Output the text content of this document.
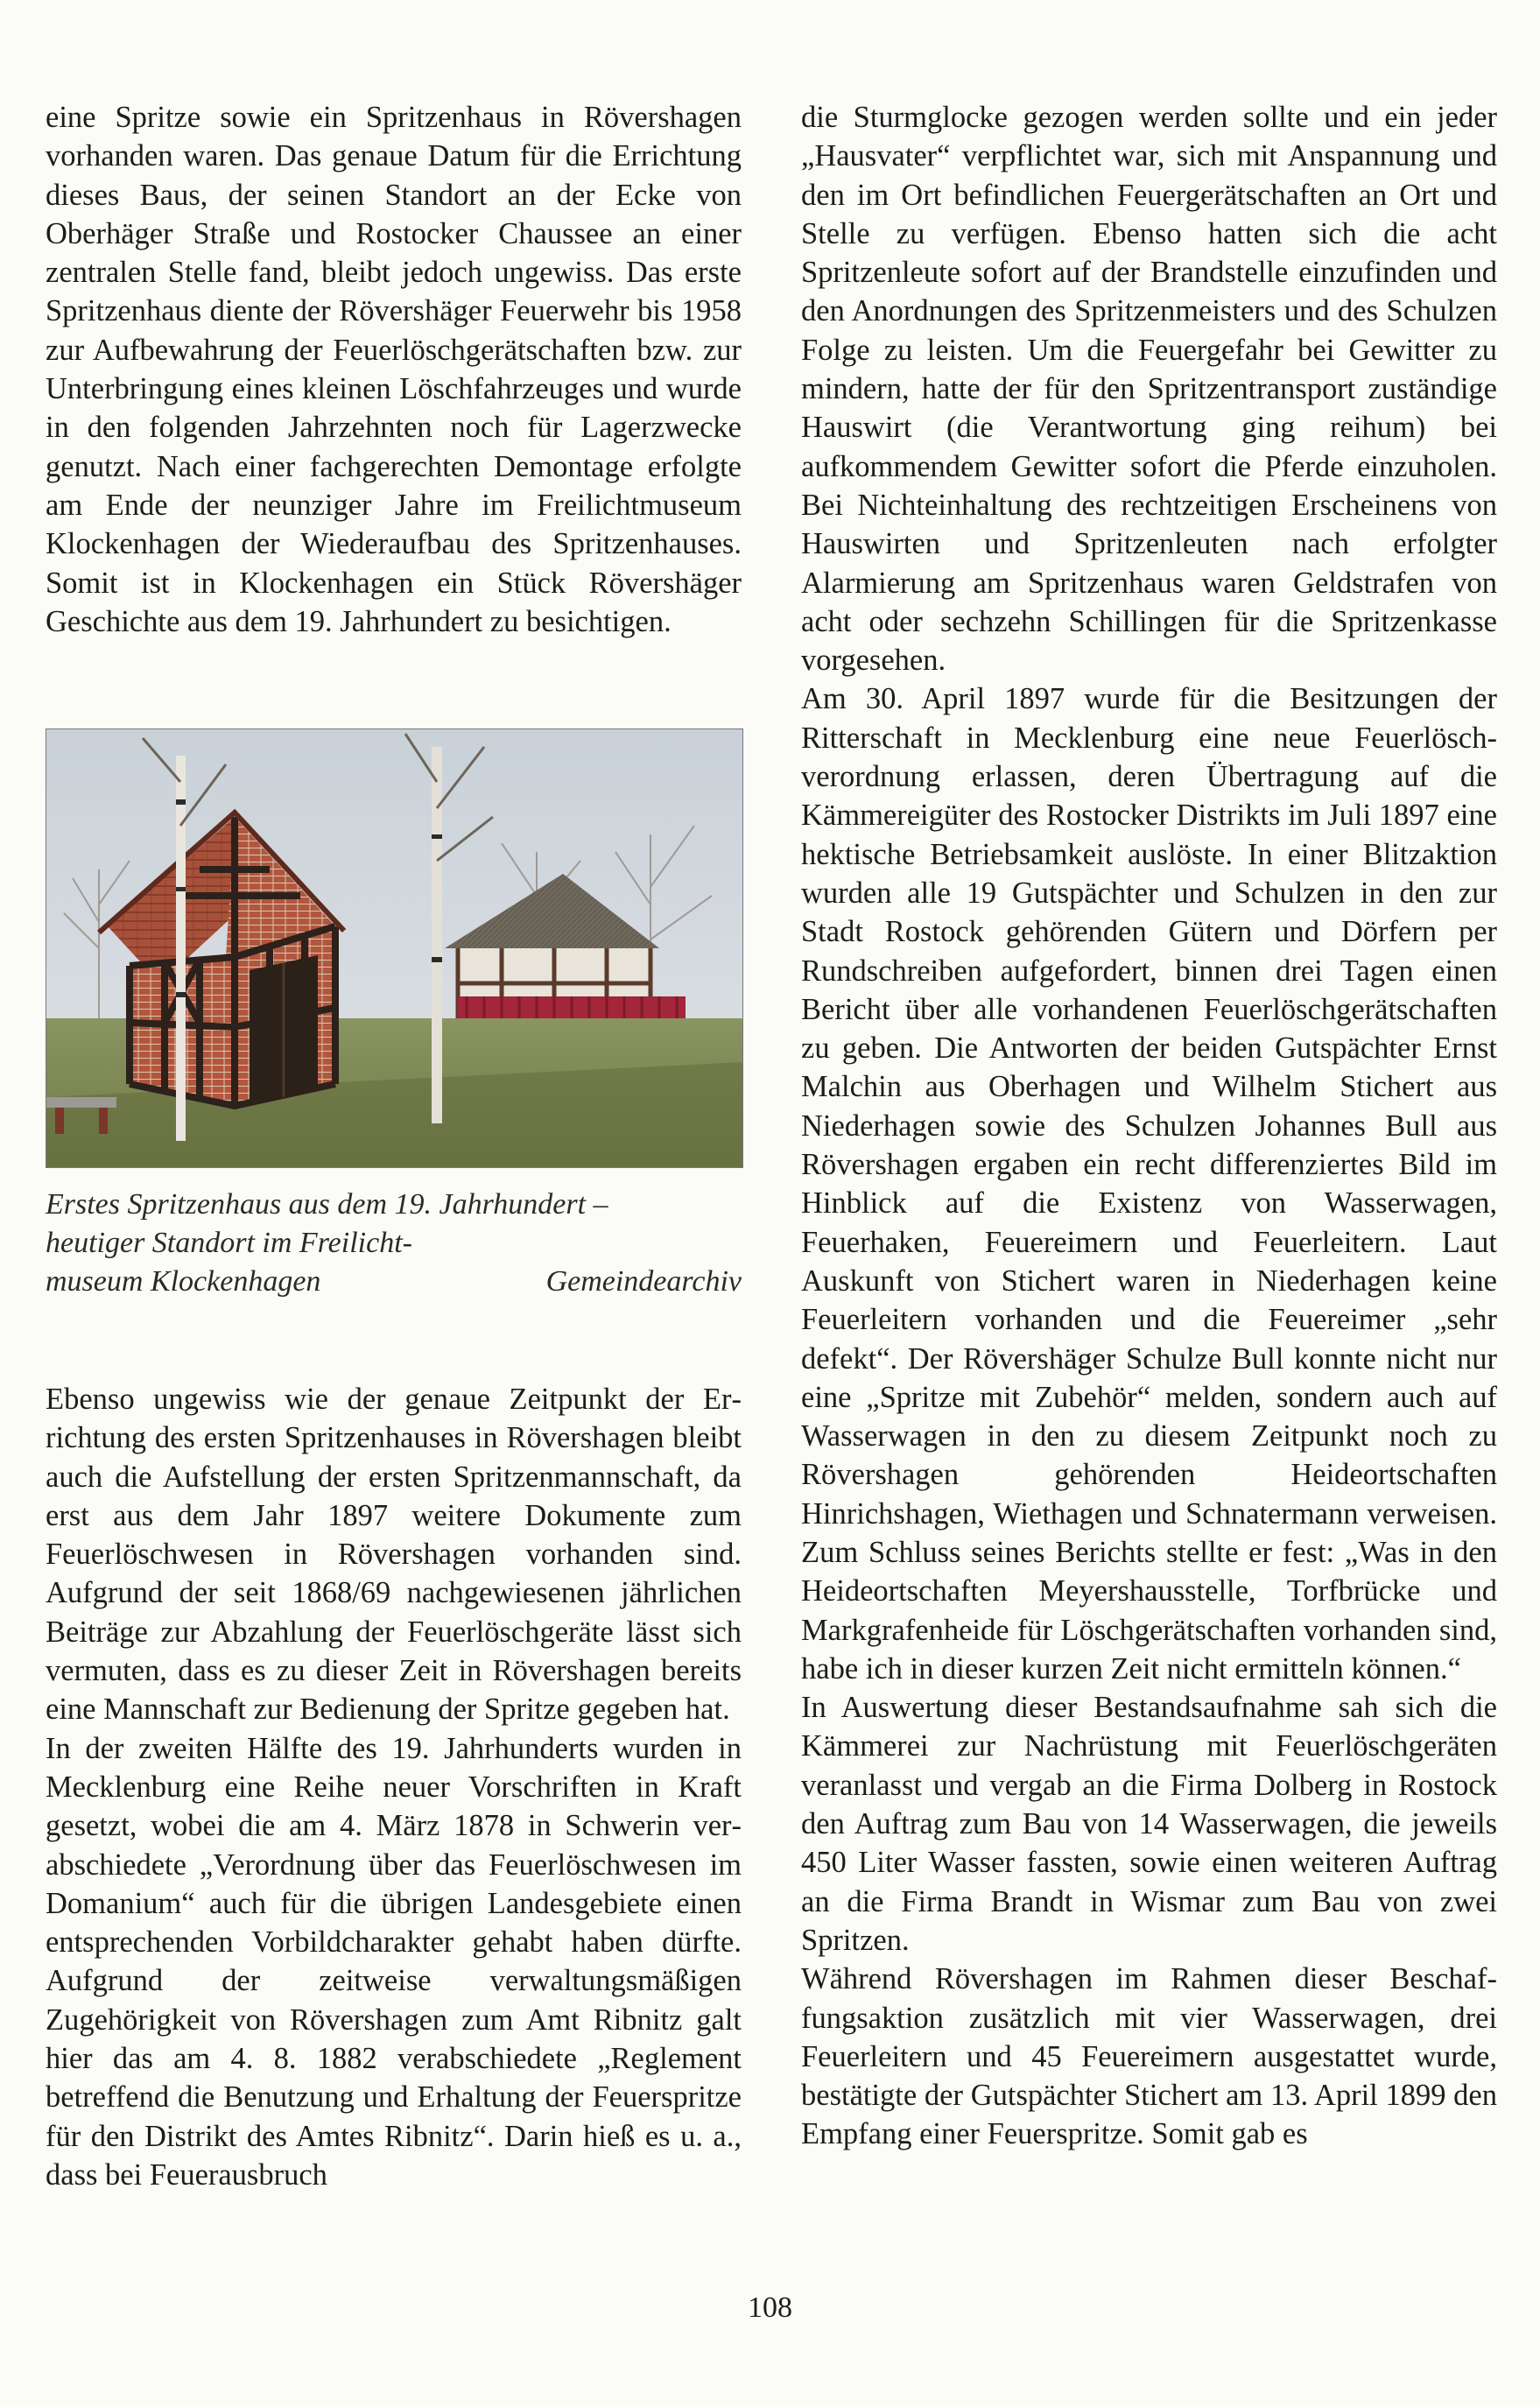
eine Spritze sowie ein Spritzenhaus in Rövershagen vorhanden waren. Das genaue Datum für die Errichtung dieses Baus, der seinen Standort an der Ecke von Oberhäger Straße und Rostocker Chaussee an einer zentralen Stelle fand, bleibt jedoch ungewiss. Das erste Spritzenhaus diente der Rövershäger Feuerwehr bis 1958 zur Aufbewahrung der Feuerlöschgerätschaften bzw. zur Unterbringung eines kleinen Löschfahrzeuges und wurde in den folgenden Jahrzehnten noch für Lagerzwecke genutzt. Nach einer fachgerechten Demontage erfolgte am Ende der neunziger Jahre im Freilichtmuseum Klockenhagen der Wiederaufbau des Spritzenhauses. Somit ist in Klockenhagen ein Stück Rövershäger Geschichte aus dem 19. Jahrhundert zu besichtigen.

Erstes Spritzenhaus aus dem 19. Jahrhundert –
heutiger Standort im Freilicht-
museum Klockenhagen	Gemeindearchiv

Ebenso ungewiss wie der genaue Zeitpunkt der Errichtung des ersten Spritzenhauses in Rövershagen bleibt auch die Aufstellung der ersten Spritzenmannschaft, da erst aus dem Jahr 1897 weitere Dokumente zum Feuerlöschwesen in Rövershagen vorhanden sind. Aufgrund der seit 1868/69 nachgewiesenen jährlichen Beiträge zur Abzahlung der Feuerlöschgeräte lässt sich vermuten, dass es zu dieser Zeit in Rövershagen bereits eine Mannschaft zur Bedienung der Spritze gegeben hat.

In der zweiten Hälfte des 19. Jahrhunderts wurden in Mecklenburg eine Reihe neuer Vorschriften in Kraft gesetzt, wobei die am 4. März 1878 in Schwerin verabschiedete „Verordnung über das Feuerlöschwesen im Domanium“ auch für die übrigen Landesgebiete einen entsprechenden Vorbildcharakter gehabt haben dürfte. Aufgrund der zeitweise verwaltungsmäßigen Zugehörigkeit von Rövershagen zum Amt Ribnitz galt hier das am 4. 8. 1882 verabschiedete „Reglement betreffend die Benutzung und Erhaltung der Feuerspritze für den Distrikt des Amtes Ribnitz“. Darin hieß es u. a., dass bei Feuerausbruch

die Sturmglocke gezogen werden sollte und ein jeder „Hausvater“ verpflichtet war, sich mit Anspannung und den im Ort befindlichen Feuergerätschaften an Ort und Stelle zu verfügen. Ebenso hatten sich die acht Spritzenleute sofort auf der Brandstelle einzufinden und den Anordnungen des Spritzenmeisters und des Schulzen Folge zu leisten. Um die Feuergefahr bei Gewitter zu mindern, hatte der für den Spritzentransport zuständige Hauswirt (die Verantwortung ging reihum) bei aufkommendem Gewitter sofort die Pferde einzuholen. Bei Nichteinhaltung des rechtzeitigen Erscheinens von Hauswirten und Spritzenleuten nach erfolgter Alarmierung am Spritzenhaus waren Geldstrafen von acht oder sechzehn Schillingen für die Spritzenkasse vorgesehen.

Am 30. April 1897 wurde für die Besitzungen der Ritterschaft in Mecklenburg eine neue Feuerlöschverordnung erlassen, deren Übertragung auf die Kämmereigüter des Rostocker Distrikts im Juli 1897 eine hektische Betriebsamkeit auslöste. In einer Blitzaktion wurden alle 19 Gutspächter und Schulzen in den zur Stadt Rostock gehörenden Gütern und Dörfern per Rundschreiben aufgefordert, binnen drei Tagen einen Bericht über alle vorhandenen Feuerlöschgerätschaften zu geben. Die Antworten der beiden Gutspächter Ernst Malchin aus Oberhagen und Wilhelm Stichert aus Niederhagen sowie des Schulzen Johannes Bull aus Rövershagen ergaben ein recht differenziertes Bild im Hinblick auf die Existenz von Wasserwagen, Feuerhaken, Feuereimern und Feuerleitern. Laut Auskunft von Stichert waren in Niederhagen keine Feuerleitern vorhanden und die Feuereimer „sehr defekt“. Der Rövershäger Schulze Bull konnte nicht nur eine „Spritze mit Zubehör“ melden, sondern auch auf Wasserwagen in den zu diesem Zeitpunkt noch zu Rövershagen gehörenden Heideortschaften Hinrichshagen, Wiethagen und Schnatermann verweisen. Zum Schluss seines Berichts stellte er fest: „Was in den Heideortschaften Meyershausstelle, Torfbrücke und Markgrafenheide für Löschgerätschaften vorhanden sind, habe ich in dieser kurzen Zeit nicht ermitteln können.“

In Auswertung dieser Bestandsaufnahme sah sich die Kämmerei zur Nachrüstung mit Feuerlöschgeräten veranlasst und vergab an die Firma Dolberg in Rostock den Auftrag zum Bau von 14 Wasserwagen, die jeweils 450 Liter Wasser fassten, sowie einen weiteren Auftrag an die Firma Brandt in Wismar zum Bau von zwei Spritzen.

Während Rövershagen im Rahmen dieser Beschaffungsaktion zusätzlich mit vier Wasserwagen, drei Feuerleitern und 45 Feuereimern ausgestattet wurde, bestätigte der Gutspächter Stichert am 13. April 1899 den Empfang einer Feuerspritze. Somit gab es

108
